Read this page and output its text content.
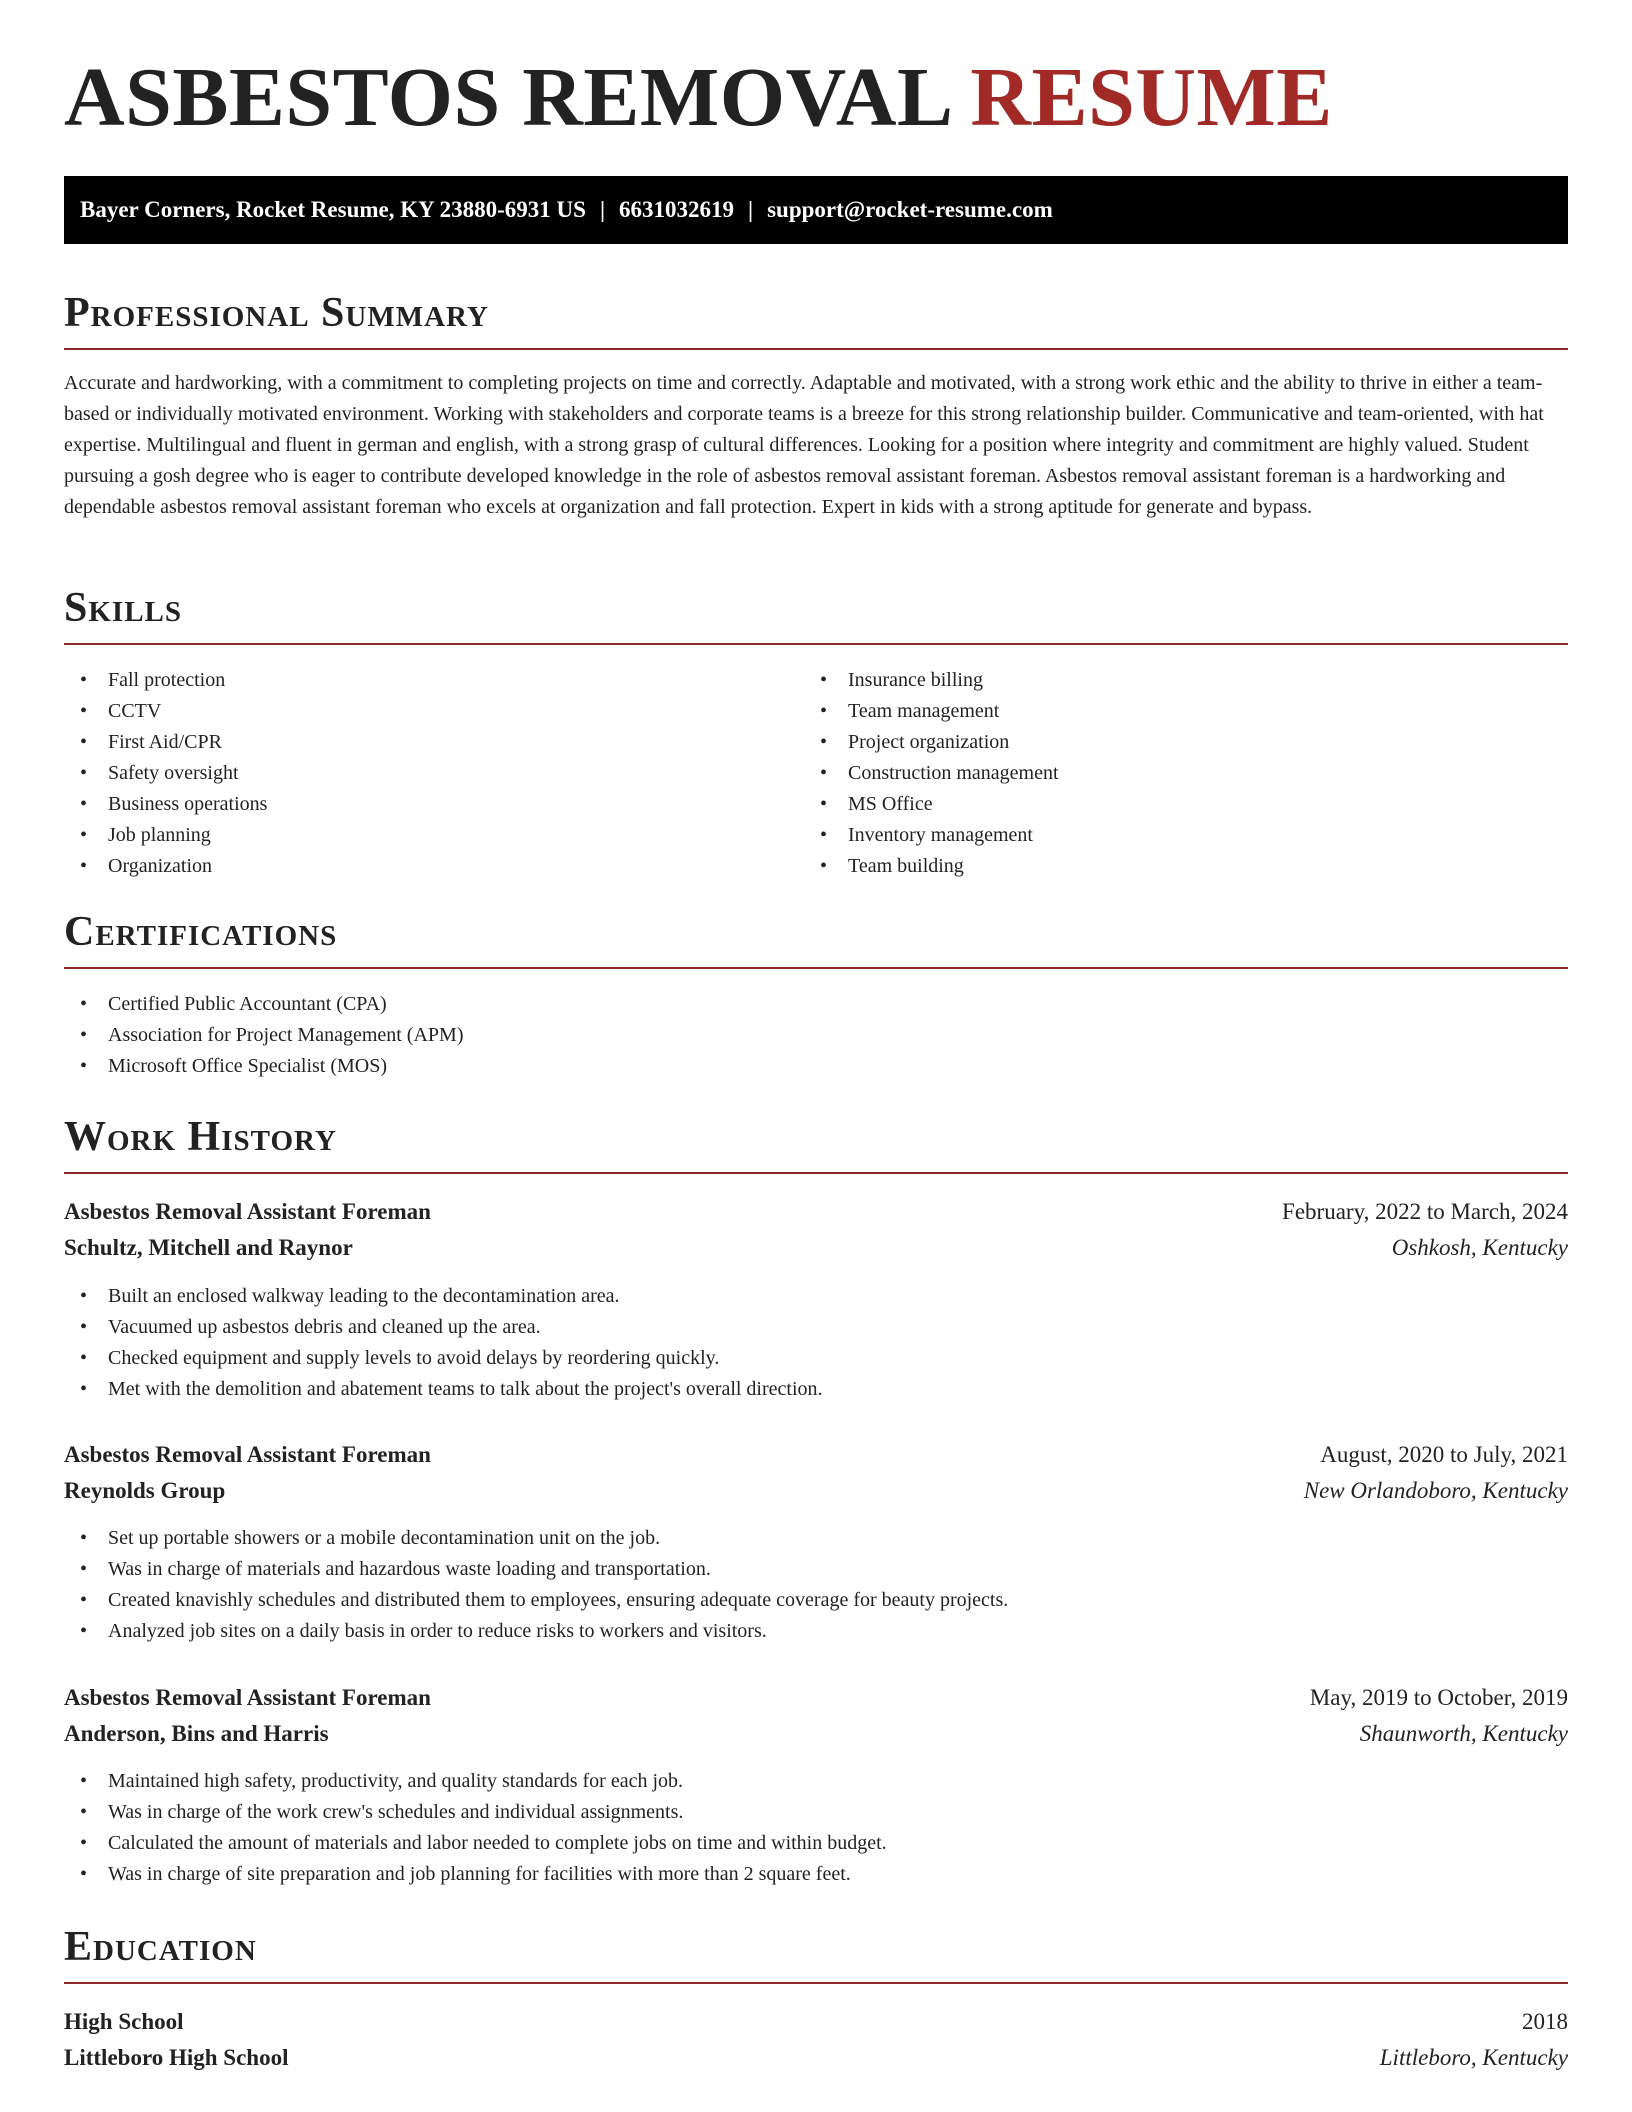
ASBESTOS REMOVAL RESUME
Bayer Corners, Rocket Resume, KY 23880-6931 US | 6631032619 | support@rocket-resume.com
Professional Summary

Accurate and hardworking, with a commitment to completing projects on time and correctly. Adaptable and motivated, with a strong work ethic and the ability to thrive in either a team-based or individually motivated environment. Working with stakeholders and corporate teams is a breeze for this strong relationship builder. Communicative and team-oriented, with hat expertise. Multilingual and fluent in german and english, with a strong grasp of cultural differences. Looking for a position where integrity and commitment are highly valued. Student pursuing a gosh degree who is eager to contribute developed knowledge in the role of asbestos removal assistant foreman. Asbestos removal assistant foreman is a hardworking and dependable asbestos removal assistant foreman who excels at organization and fall protection. Expert in kids with a strong aptitude for generate and bypass.

Skills
• Fall protection
• CCTV
• First Aid/CPR
• Safety oversight
• Business operations
• Job planning
• Organization
• Insurance billing
• Team management
• Project organization
• Construction management
• MS Office
• Inventory management
• Team building
Certifications
• Certified Public Accountant (CPA)
• Association for Project Management (APM)
• Microsoft Office Specialist (MOS)
Work History
Asbestos Removal Assistant Foreman	February, 2022 to March, 2024
Schultz, Mitchell and Raynor	Oshkosh, Kentucky
• Built an enclosed walkway leading to the decontamination area.
• Vacuumed up asbestos debris and cleaned up the area.
• Checked equipment and supply levels to avoid delays by reordering quickly.
• Met with the demolition and abatement teams to talk about the project's overall direction.
Asbestos Removal Assistant Foreman	August, 2020 to July, 2021
Reynolds Group	New Orlandoboro, Kentucky
• Set up portable showers or a mobile decontamination unit on the job.
• Was in charge of materials and hazardous waste loading and transportation.
• Created knavishly schedules and distributed them to employees, ensuring adequate coverage for beauty projects.
• Analyzed job sites on a daily basis in order to reduce risks to workers and visitors.
Asbestos Removal Assistant Foreman	May, 2019 to October, 2019
Anderson, Bins and Harris	Shaunworth, Kentucky
• Maintained high safety, productivity, and quality standards for each job.
• Was in charge of the work crew's schedules and individual assignments.
• Calculated the amount of materials and labor needed to complete jobs on time and within budget.
• Was in charge of site preparation and job planning for facilities with more than 2 square feet.
Education
High School	2018
Littleboro High School	Littleboro, Kentucky
